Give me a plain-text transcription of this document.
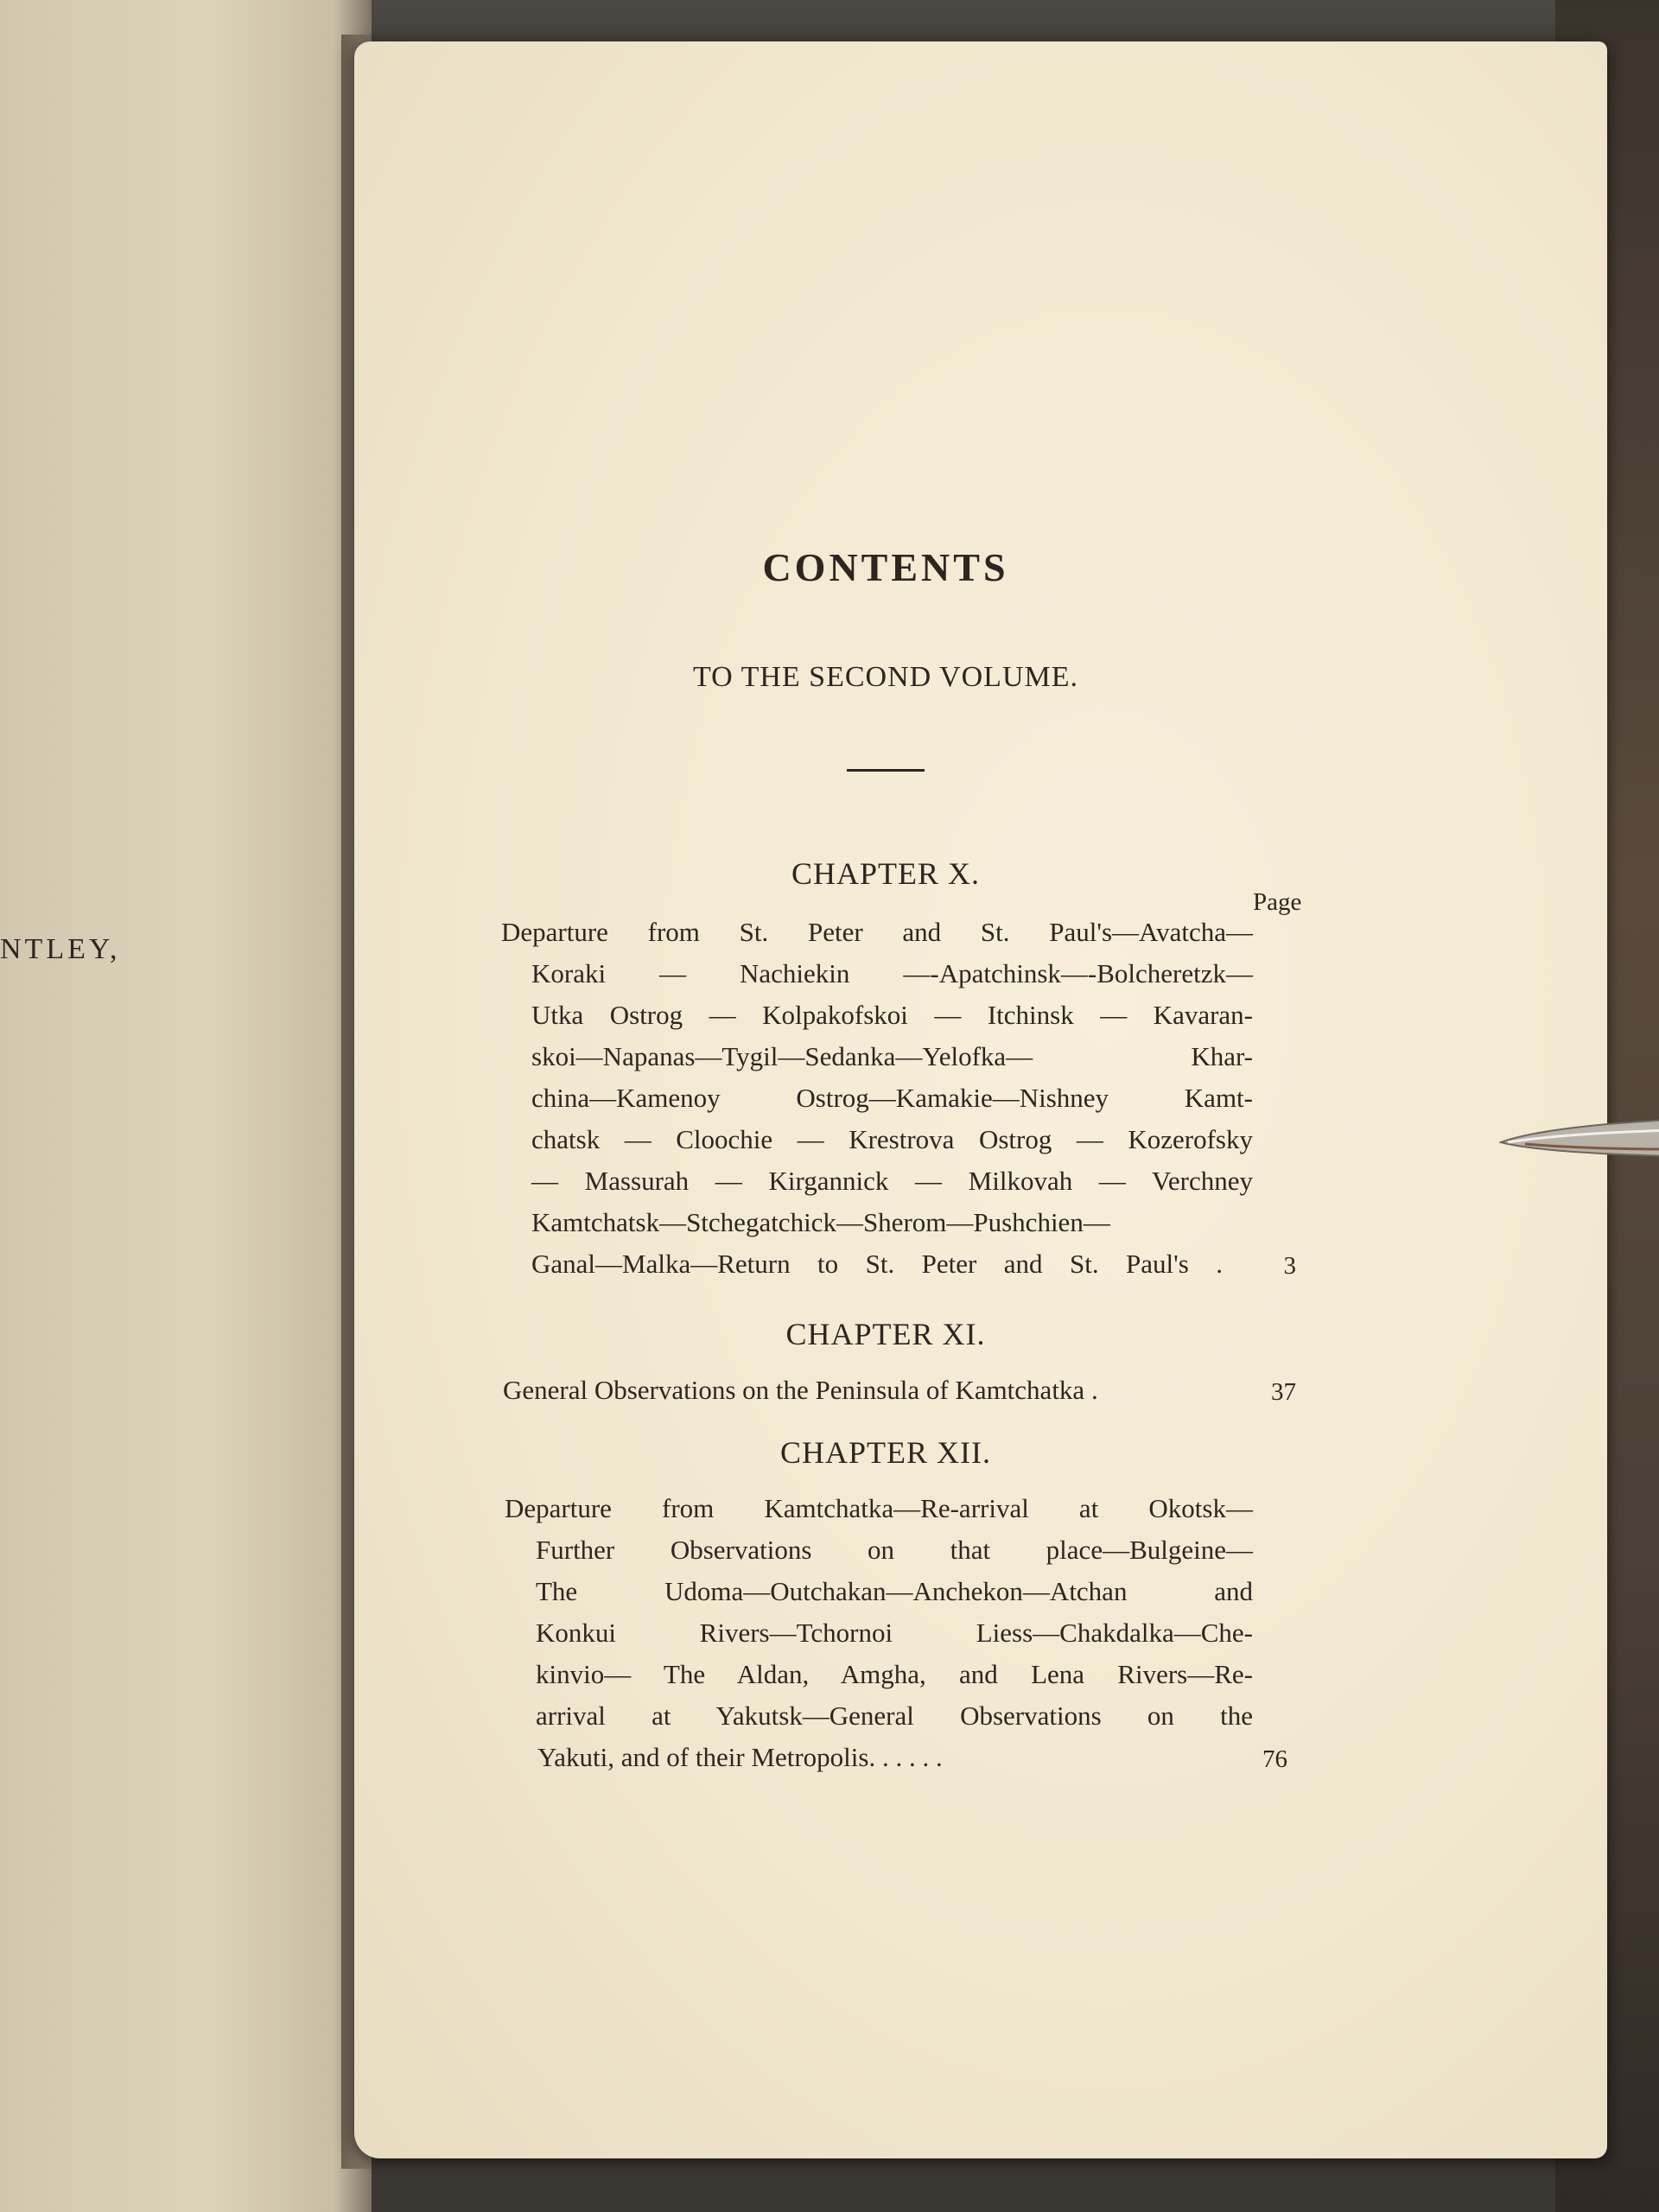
NTLEY,
CONTENTS
TO THE SECOND VOLUME.
Page
CHAPTER X.
Departure from St. Peter and St. Paul's—Avatcha—
Koraki — Nachiekin —-Apatchinsk—-Bolcheretzk—
Utka Ostrog — Kolpakofskoi — Itchinsk — Kavaran-
skoi—Napanas—Tygil—Sedanka—Yelofka— Khar-
china—Kamenoy Ostrog—Kamakie—Nishney Kamt-
chatsk — Cloochie — Krestrova Ostrog — Kozerofsky
— Massurah — Kirgannick — Milkovah — Verchney
Kamtchatsk—Stchegatchick—Sherom—Pushchien—
Ganal—Malka—Return to St. Peter and St. Paul's .	3
CHAPTER XI.
General Observations on the Peninsula of Kamtchatka .	37
CHAPTER XII.
Departure from Kamtchatka—Re-arrival at Okotsk—
Further Observations on that place—Bulgeine—
The Udoma—Outchakan—Anchekon—Atchan and
Konkui Rivers—Tchornoi Liess—Chakdalka—Che-
kinvio— The Aldan, Amgha, and Lena Rivers—Re-
arrival at Yakutsk—General Observations on the
Yakuti, and of their Metropolis. . . . . .	76
